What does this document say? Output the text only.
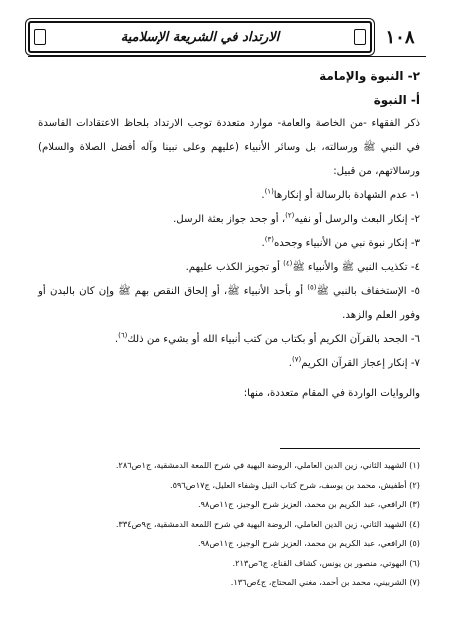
١٠٨
الارتداد في الشريعة الإسلامية

٢- النبوة والإمامة

أ- النبوة

ذكر الفقهاء -من الخاصة والعامة- موارد متعددة توجب الارتداد بلحاظ الاعتقادات الفاسدة في النبي ﷺ ورسالته، بل وسائر الأنبياء (عليهم وعلى نبينا وآله أفضل الصلاة والسلام) ورسالاتهم، من قبيل:

١- عدم الشهادة بالرسالة أو إنكارها$^{(١)}$.

٢- إنكار البعث والرسل أو نفيه$^{(٢)}$، أو جحد جواز بعثة الرسل.

٣- إنكار نبوة نبي من الأنبياء وجحده$^{(٣)}$.

٤- تكذيب النبي ﷺ والأنبياء ﷺ$^{(٤)}$ أو تجويز الكذب عليهم.

٥- الإستخفاف بالنبي ﷺ$^{(٥)}$ أو بأحد الأنبياء ﷺ، أو إلحاق النقص بهم ﷺ وإن كان بالبدن أو وفور العلم والزهد.

٦- الجحد بالقرآن الكريم أو بكتاب من كتب أنبياء الله أو بشيء من ذلك$^{(٦)}$.

٧- إنكار إعجاز القرآن الكريم$^{(٧)}$.

والروايات الواردة في المقام متعددة، منها:

(١) الشهيد الثاني، زين الدين العاملي، الروضة البهية في شرح اللمعة الدمشقية، ج١ص٢٨٦.

(٢) أطفيش، محمد بن يوسف، شرح كتاب النيل وشفاء العليل، ج١٧ص٥٩٦.

(٣) الرافعي، عبد الكريم بن محمد، العزيز شرح الوجيز، ج١١ص٩٨.

(٤) الشهيد الثاني، زين الدين العاملي، الروضة البهية في شرح اللمعة الدمشقية، ج٩ص٣٣٤.

(٥) الرافعي، عبد الكريم بن محمد، العزيز شرح الوجيز، ج١١ص٩٨.

(٦) البهوتي، منصور بن يونس، كشاف القناع، ج٦ص٢١٣.

(٧) الشربيني، محمد بن أحمد، مغني المحتاج، ج٤ص١٣٦.
